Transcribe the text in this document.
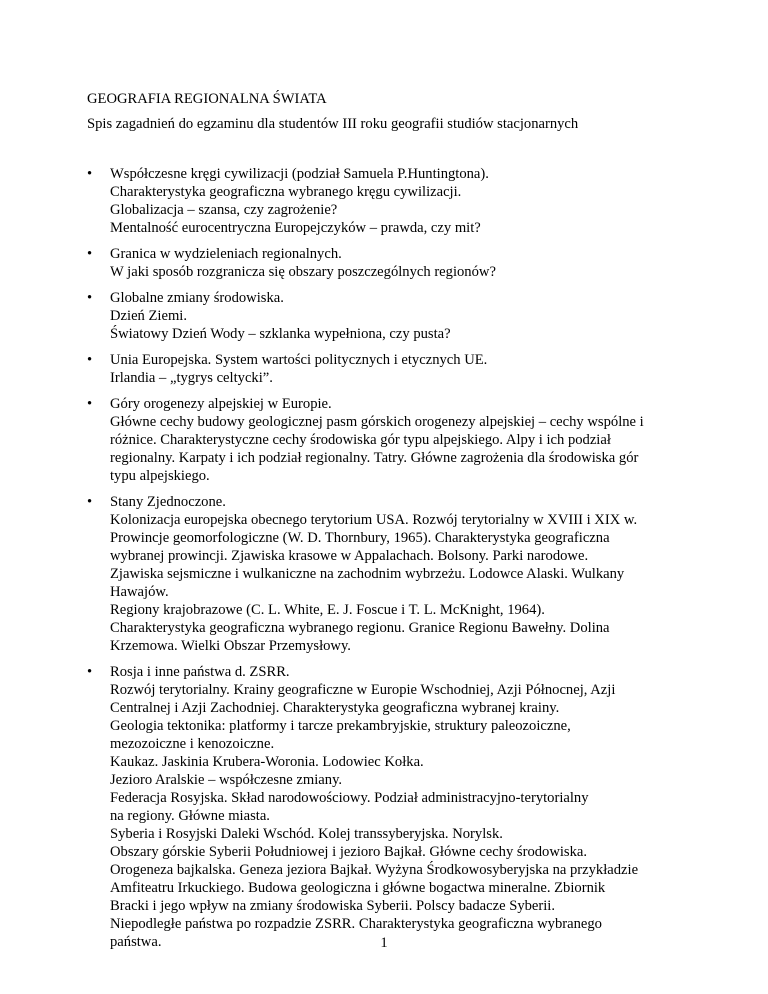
GEOGRAFIA REGIONALNA ŚWIATA
Spis zagadnień do egzaminu dla studentów III roku geografii studiów stacjonarnych
•	Współczesne kręgi cywilizacji (podział Samuela P.Huntingtona).
Charakterystyka geograficzna wybranego kręgu cywilizacji.
Globalizacja – szansa, czy zagrożenie?
Mentalność eurocentryczna Europejczyków – prawda, czy mit?
•	Granica w wydzieleniach regionalnych.
W jaki sposób rozgranicza się obszary poszczególnych regionów?
•	Globalne zmiany środowiska.
Dzień Ziemi.
Światowy Dzień Wody – szklanka wypełniona, czy pusta?
•	Unia Europejska. System wartości politycznych i etycznych UE.
Irlandia – „tygrys celtycki”.
•	Góry orogenezy alpejskiej w Europie.
Główne cechy budowy geologicznej pasm górskich orogenezy alpejskiej – cechy wspólne i
różnice. Charakterystyczne cechy środowiska gór typu alpejskiego. Alpy i ich podział
regionalny. Karpaty i ich podział regionalny. Tatry. Główne zagrożenia dla środowiska gór
typu alpejskiego.
•	Stany Zjednoczone.
Kolonizacja europejska obecnego terytorium USA. Rozwój terytorialny w XVIII i XIX w.
Prowincje geomorfologiczne (W. D. Thornbury, 1965). Charakterystyka geograficzna
wybranej prowincji. Zjawiska krasowe w Appalachach. Bolsony. Parki narodowe.
Zjawiska sejsmiczne i wulkaniczne na zachodnim wybrzeżu. Lodowce Alaski. Wulkany
Hawajów.
Regiony krajobrazowe (C. L. White, E. J. Foscue i T. L. McKnight, 1964).
Charakterystyka geograficzna wybranego regionu. Granice Regionu Bawełny. Dolina
Krzemowa. Wielki Obszar Przemysłowy.
•	Rosja i inne państwa d. ZSRR.
Rozwój terytorialny. Krainy geograficzne w Europie Wschodniej, Azji Północnej, Azji
Centralnej i Azji Zachodniej. Charakterystyka geograficzna wybranej krainy.
Geologia tektonika: platformy i tarcze prekambryjskie, struktury paleozoiczne,
mezozoiczne i kenozoiczne.
Kaukaz. Jaskinia Krubera-Woronia. Lodowiec Kołka.
Jezioro Aralskie – współczesne zmiany.
Federacja Rosyjska. Skład narodowościowy. Podział administracyjno-terytorialny
na regiony. Główne miasta.
Syberia i Rosyjski Daleki Wschód. Kolej transsyberyjska. Norylsk.
Obszary górskie Syberii Południowej i jezioro Bajkał. Główne cechy środowiska.
Orogeneza bajkalska. Geneza jeziora Bajkał. Wyżyna Środkowosyberyjska na przykładzie
Amfiteatru Irkuckiego. Budowa geologiczna i główne bogactwa mineralne. Zbiornik
Bracki i jego wpływ na zmiany środowiska Syberii. Polscy badacze Syberii.
Niepodległe państwa po rozpadzie ZSRR. Charakterystyka geograficzna wybranego
państwa.	1
